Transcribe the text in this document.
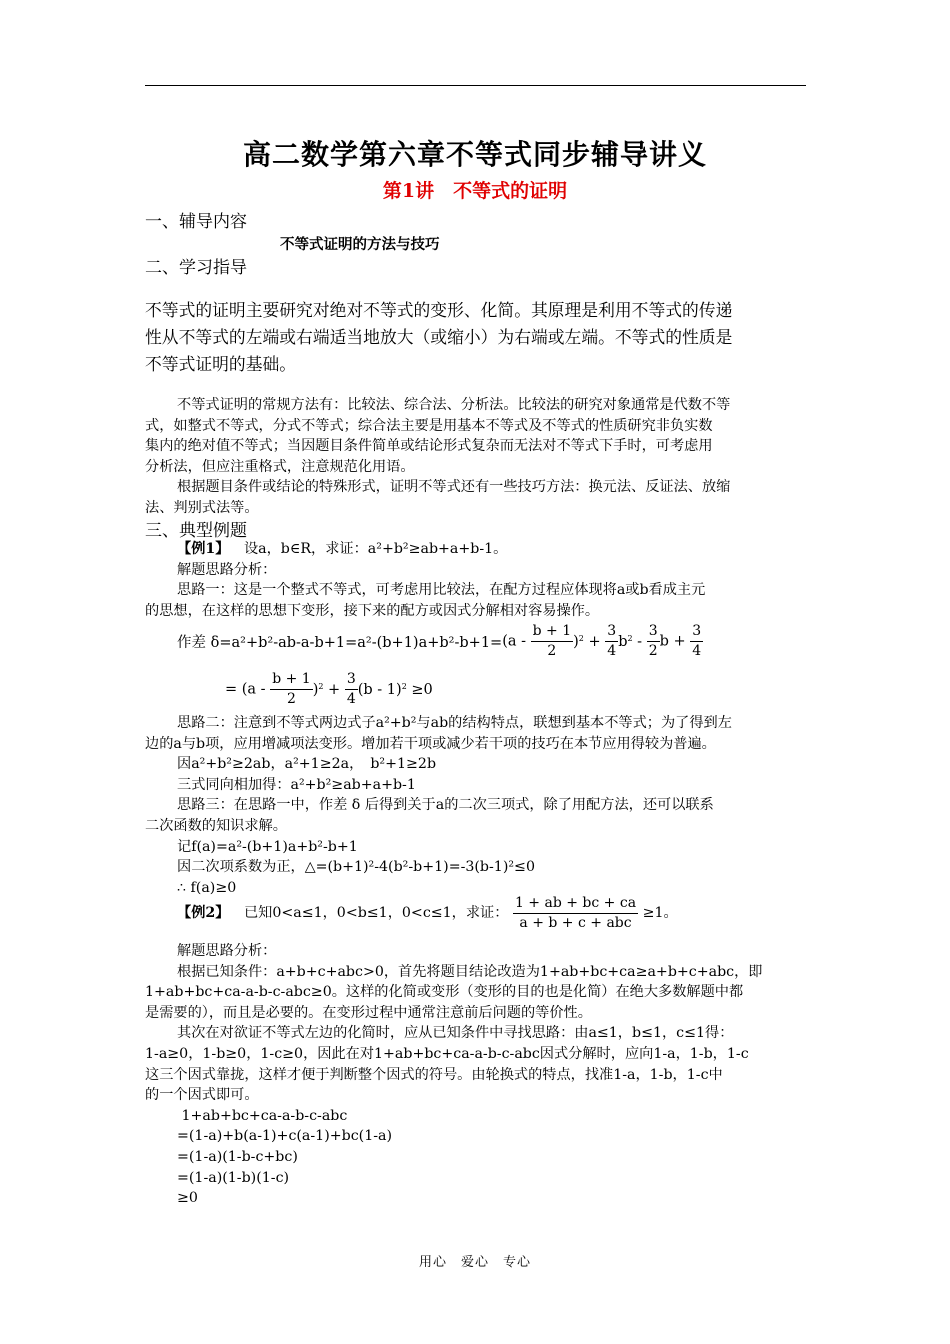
高二数学第六章不等式同步辅导讲义
第1讲　不等式的证明
一、辅导内容
不等式证明的方法与技巧
二、学习指导
不等式的证明主要研究对绝对不等式的变形、化简。其原理是利用不等式的传递
性从不等式的左端或右端适当地放大（或缩小）为右端或左端。不等式的性质是
不等式证明的基础。
不等式证明的常规方法有：比较法、综合法、分析法。比较法的研究对象通常是代数不等
式，如整式不等式，分式不等式；综合法主要是用基本不等式及不等式的性质研究非负实数
集内的绝对值不等式；当因题目条件简单或结论形式复杂而无法对不等式下手时，可考虑用
分析法，但应注重格式，注意规范化用语。
根据题目条件或结论的特殊形式，证明不等式还有一些技巧方法：换元法、反证法、放缩
法、判别式法等。
三、典型例题
【例1】 设a，b∈R，求证：a²+b²≥ab+a+b-1。
解题思路分析：
思路一：这是一个整式不等式，可考虑用比较法，在配方过程应体现将a或b看成主元
的思想，在这样的思想下变形，接下来的配方或因式分解相对容易操作。
作差 $\delta=a^2+b^2-ab-a-b+1=a^2-(b+1)a+b^2-b+1=(a - \frac{b + 1}{2} )^2 + \frac{3}{4} b^2 - \frac{3}{2}$ $b + \frac{3}{4}$
= $(a - \frac{b + 1}{2} )^2 + \frac{3}{4} (b - 1)^2 \ge 0$
思路二：注意到不等式两边式子a²+b²与ab的结构特点，联想到基本不等式；为了得到左
边的a与b项，应用增减项法变形。增加若干项或减少若干项的技巧在本节应用得较为普遍。
因a²+b²≥2ab，a²+1≥2a，　b²+1≥2b
三式同向相加得：a²+b²≥ab+a+b-1
思路三：在思路一中，作差 δ 后得到关于a的二次三项式，除了用配方法，还可以联系
二次函数的知识求解。
记f(a)=a²-(b+1)a+b²-b+1
因二次项系数为正，△=(b+1)²-4(b²-b+1)=-3(b-1)²≤0
∴ f(a)≥0
【例2】 已知0<a≤1，0<b≤1，0<c≤1，求证： $\frac{1 + ab + bc + ca}{\text{a + b + c + abc}} \ge 1$。
解题思路分析：
根据已知条件：a+b+c+abc>0，首先将题目结论改造为1+ab+bc+ca≥a+b+c+abc，即
1+ab+bc+ca-a-b-c-abc≥0。这样的化简或变形（变形的目的也是化简）在绝大多数解题中都
是需要的），而且是必要的。在变形过程中通常注意前后问题的等价性。
其次在对欲证不等式左边的化简时，应从已知条件中寻找思路：由a≤1，b≤1，c≤1得：
1-a≥0，1-b≥0，1-c≥0，因此在对1+ab+bc+ca-a-b-c-abc因式分解时，应向1-a，1-b，1-c
这三个因式靠拢，这样才便于判断整个因式的符号。由轮换式的特点，找准1-a，1-b，1-c中
的一个因式即可。
1+ab+bc+ca-a-b-c-abc
=(1-a)+b(a-1)+c(a-1)+bc(1-a)
=(1-a)(1-b-c+bc)
=(1-a)(1-b)(1-c)
≥0
用心　爱心　专心
